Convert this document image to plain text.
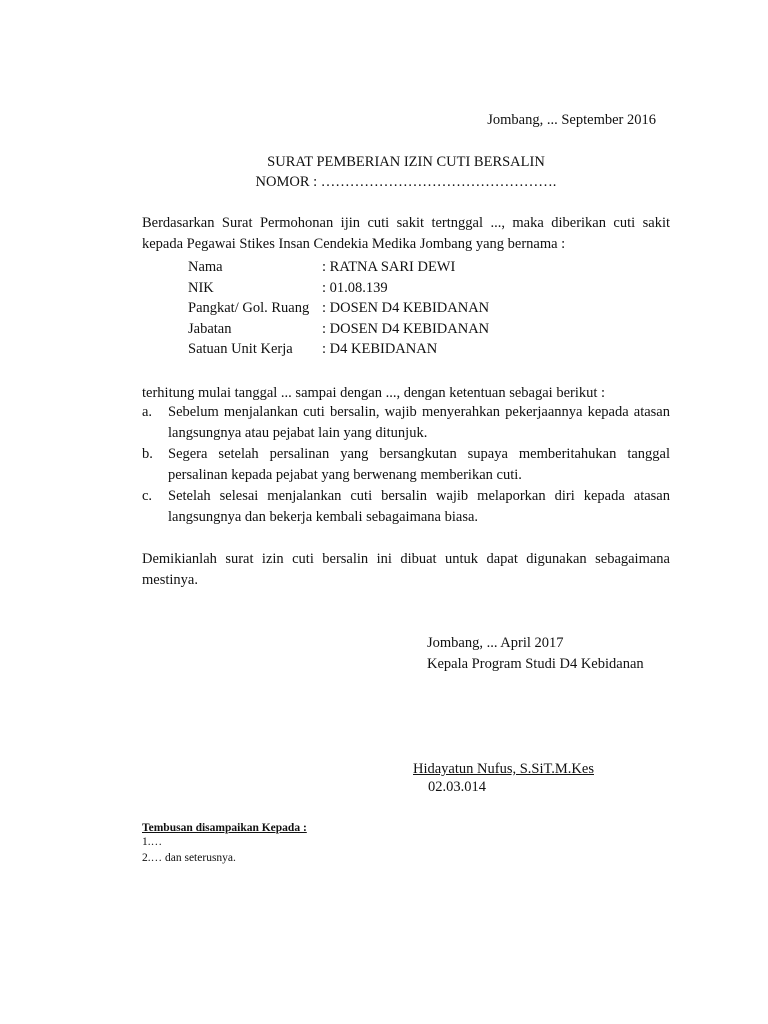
Jombang, ... September 2016
SURAT PEMBERIAN IZIN CUTI BERSALIN
NOMOR : ………………………………………….
Berdasarkan Surat Permohonan ijin cuti sakit tertnggal ..., maka diberikan cuti sakit kepada Pegawai Stikes Insan Cendekia Medika Jombang yang bernama :
Nama	: RATNA SARI DEWI
NIK	: 01.08.139
Pangkat/ Gol. Ruang : DOSEN D4 KEBIDANAN
Jabatan	: DOSEN D4 KEBIDANAN
Satuan Unit Kerja	: D4 KEBIDANAN
terhitung mulai tanggal ... sampai dengan ..., dengan ketentuan sebagai berikut :
a.	Sebelum menjalankan cuti bersalin, wajib menyerahkan pekerjaannya kepada atasan langsungnya atau pejabat lain yang ditunjuk.
b.	Segera setelah persalinan yang bersangkutan supaya memberitahukan tanggal persalinan kepada pejabat yang berwenang memberikan cuti.
c.	Setelah selesai menjalankan cuti bersalin wajib melaporkan diri kepada atasan langsungnya dan bekerja kembali sebagaimana biasa.
Demikianlah surat izin cuti bersalin ini dibuat untuk dapat digunakan sebagaimana mestinya.
Jombang, ... April 2017
Kepala Program Studi D4 Kebidanan
Hidayatun Nufus, S.SiT.M.Kes
02.03.014
Tembusan disampaikan Kepada :
1.…
2.… dan seterusnya.
